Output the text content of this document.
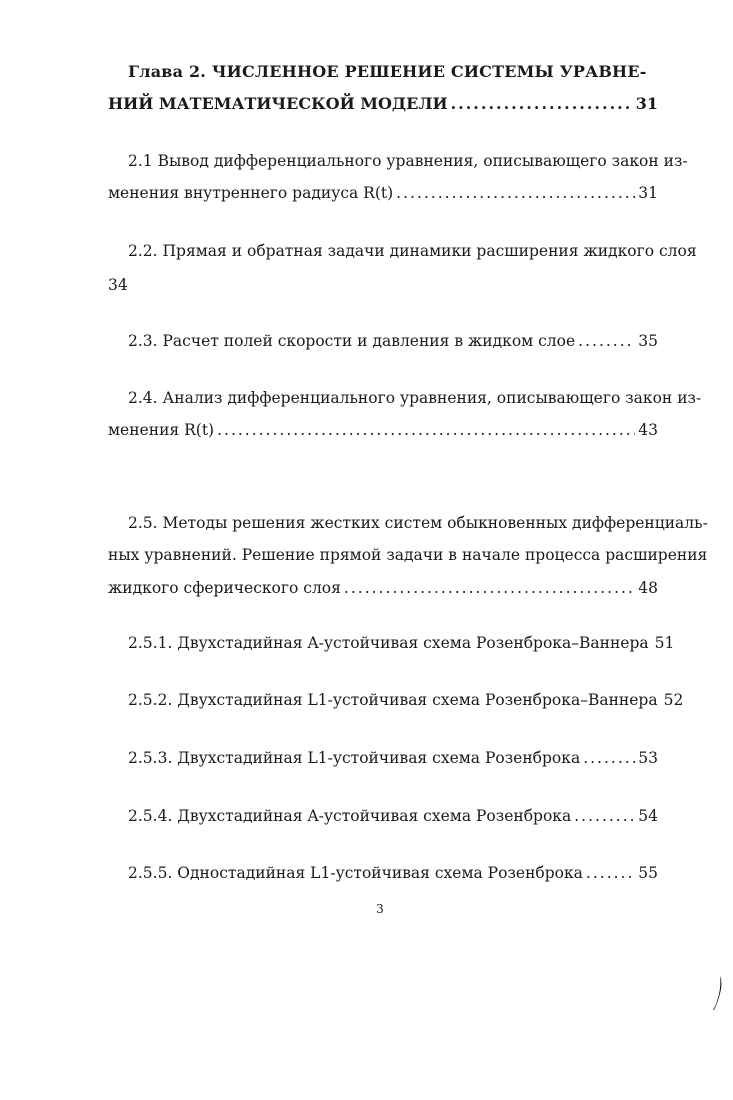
Глава 2. ЧИСЛЕННОЕ РЕШЕНИЕ СИСТЕМЫ УРАВНЕ-
НИЙ МАТЕМАТИЧЕСКОЙ МОДЕЛИ .....	31
2.1 Вывод дифференциального уравнения, описывающего закон из-
менения внутреннего радиуса R(t) .....	31
2.2. Прямая и обратная задачи динамики расширения жидкого слоя
34
2.3. Расчет полей скорости и давления в жидком слое .....	35
2.4. Анализ дифференциального уравнения, описывающего закон из-
менения R(t) .....	43
2.5. Методы решения жестких систем обыкновенных дифференциаль-
ных уравнений. Решение прямой задачи в начале процесса расширения
жидкого сферического слоя .....	48
2.5.1. Двухстадийная A-устойчивая схема Розенброка–Ваннера 51
2.5.2. Двухстадийная L1-устойчивая схема Розенброка–Ваннера 52
2.5.3. Двухстадийная L1-устойчивая схема Розенброка .....	53
2.5.4. Двухстадийная A-устойчивая схема Розенброка .....	54
2.5.5. Одностадийная L1-устойчивая схема Розенброка .....	55
3
